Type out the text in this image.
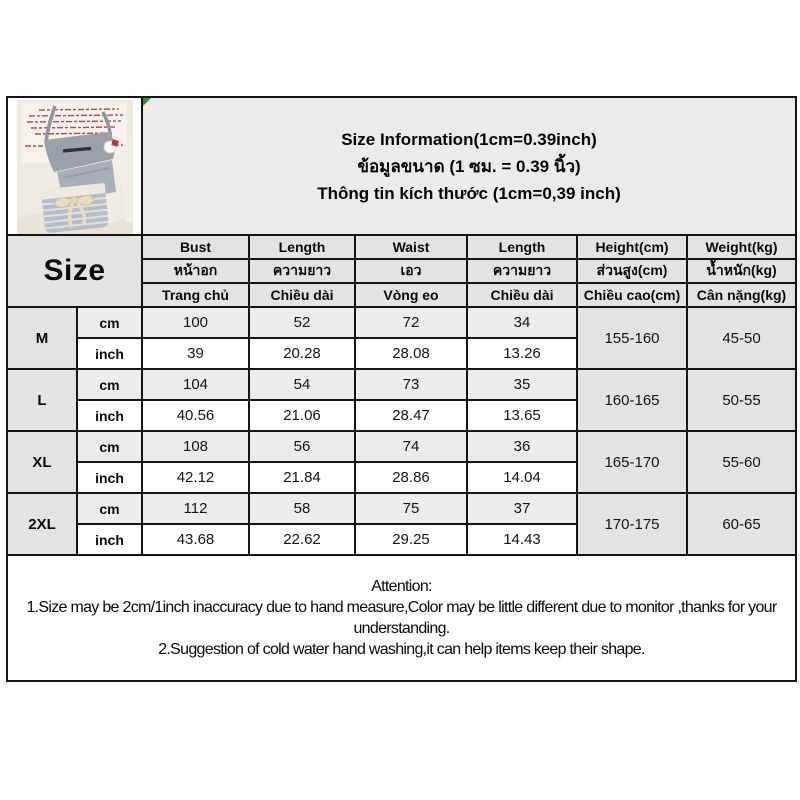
Size Information(1cm=0.39inch)
ข้อมูลขนาด (1 ซม. = 0.39 นิ้ว)
Thông tin kích thước (1cm=0,39 inch)					

Size		Bust	Length	Waist	Length	Height(cm)	Weight(kg)
		หน้าอก	ความยาว	เอว	ความยาว	ส่วนสูง(cm)	น้ำหนัก(kg)
		Trang chủ	Chiều dài	Vòng eo	Chiều dài	Chiều cao(cm)	Cân nặng(kg)
M	cm	100	52	72	34	155-160	45-50
	inch	39	20.28	28.08	13.26		
L	cm	104	54	73	35	160-165	50-55
	inch	40.56	21.06	28.47	13.65		
XL	cm	108	56	74	36	165-170	55-60
	inch	42.12	21.84	28.86	14.04		
2XL	cm	112	58	75	37	170-175	60-65
	inch	43.68	22.62	29.25	14.43		

Attention:
1.Size may be 2cm/1inch inaccuracy due to hand measure,Color may be little different due to monitor ,thanks for your understanding.
2.Suggestion of cold water hand washing,it can help items keep their shape.							
